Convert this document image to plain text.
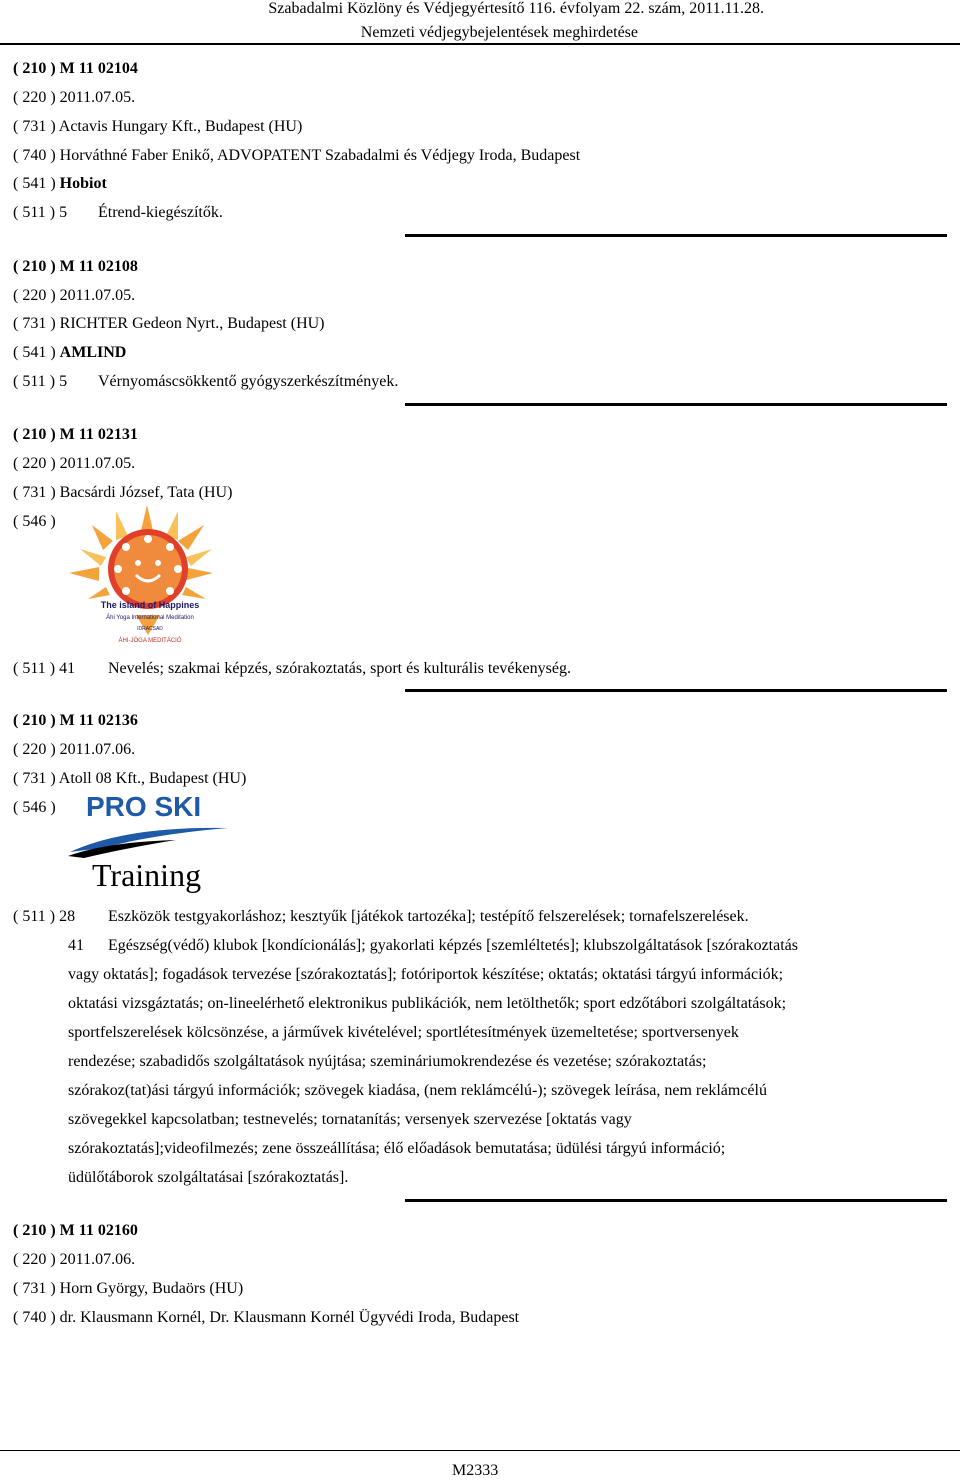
Szabadalmi Közlöny és Védjegyértesítő 116. évfolyam 22. szám, 2011.11.28.
Nemzeti védjegybejelentések meghirdetése
( 210 ) M 11 02104
( 220 ) 2011.07.05.
( 731 ) Actavis Hungary Kft., Budapest (HU)
( 740 ) Horváthné Faber Enikő, ADVOPATENT Szabadalmi és Védjegy Iroda, Budapest
( 541 ) Hobiot
( 511 ) 5 Étrend-kiegészítők.
( 210 ) M 11 02108
( 220 ) 2011.07.05.
( 731 ) RICHTER Gedeon Nyrt., Budapest (HU)
( 541 ) AMLIND
( 511 ) 5 Vérnyomáscsökkentő gyógyszerkészítmények.
( 210 ) M 11 02131
( 220 ) 2011.07.05.
( 731 ) Bacsárdi József, Tata (HU)
( 546 )
The island of Happines
Áhi Yoga International Meditation
IDRACSAD
ÁHI-JÓGA MEDITÁCIÓ
( 511 ) 41 Nevelés; szakmai képzés, szórakoztatás, sport és kulturális tevékenység.
( 210 ) M 11 02136
( 220 ) 2011.07.06.
( 731 ) Atoll 08 Kft., Budapest (HU)
( 546 ) PRO SKI
Training
( 511 ) 28 Eszközök testgyakorláshoz; kesztyűk [játékok tartozéka]; testépítő felszerelések; tornafelszerelések.
41 Egészség(védő) klubok [kondícionálás]; gyakorlati képzés [szemléltetés]; klubszolgáltatások [szórakoztatás
vagy oktatás]; fogadások tervezése [szórakoztatás]; fotóriportok készítése; oktatás; oktatási tárgyú információk;
oktatási vizsgáztatás; on-lineelérhető elektronikus publikációk, nem letölthetők; sport edzőtábori szolgáltatások;
sportfelszerelések kölcsönzése, a járművek kivételével; sportlétesítmények üzemeltetése; sportversenyek
rendezése; szabadidős szolgáltatások nyújtása; szemináriumokrendezése és vezetése; szórakoztatás;
szórakoz(tat)ási tárgyú információk; szövegek kiadása, (nem reklámcélú-); szövegek leírása, nem reklámcélú
szövegekkel kapcsolatban; testnevelés; tornatanítás; versenyek szervezése [oktatás vagy
szórakoztatás];videofilmezés; zene összeállítása; élő előadások bemutatása; üdülési tárgyú információ;
üdülőtáborok szolgáltatásai [szórakoztatás].
( 210 ) M 11 02160
( 220 ) 2011.07.06.
( 731 ) Horn György, Budaörs (HU)
( 740 ) dr. Klausmann Kornél, Dr. Klausmann Kornél Ügyvédi Iroda, Budapest
M2333
